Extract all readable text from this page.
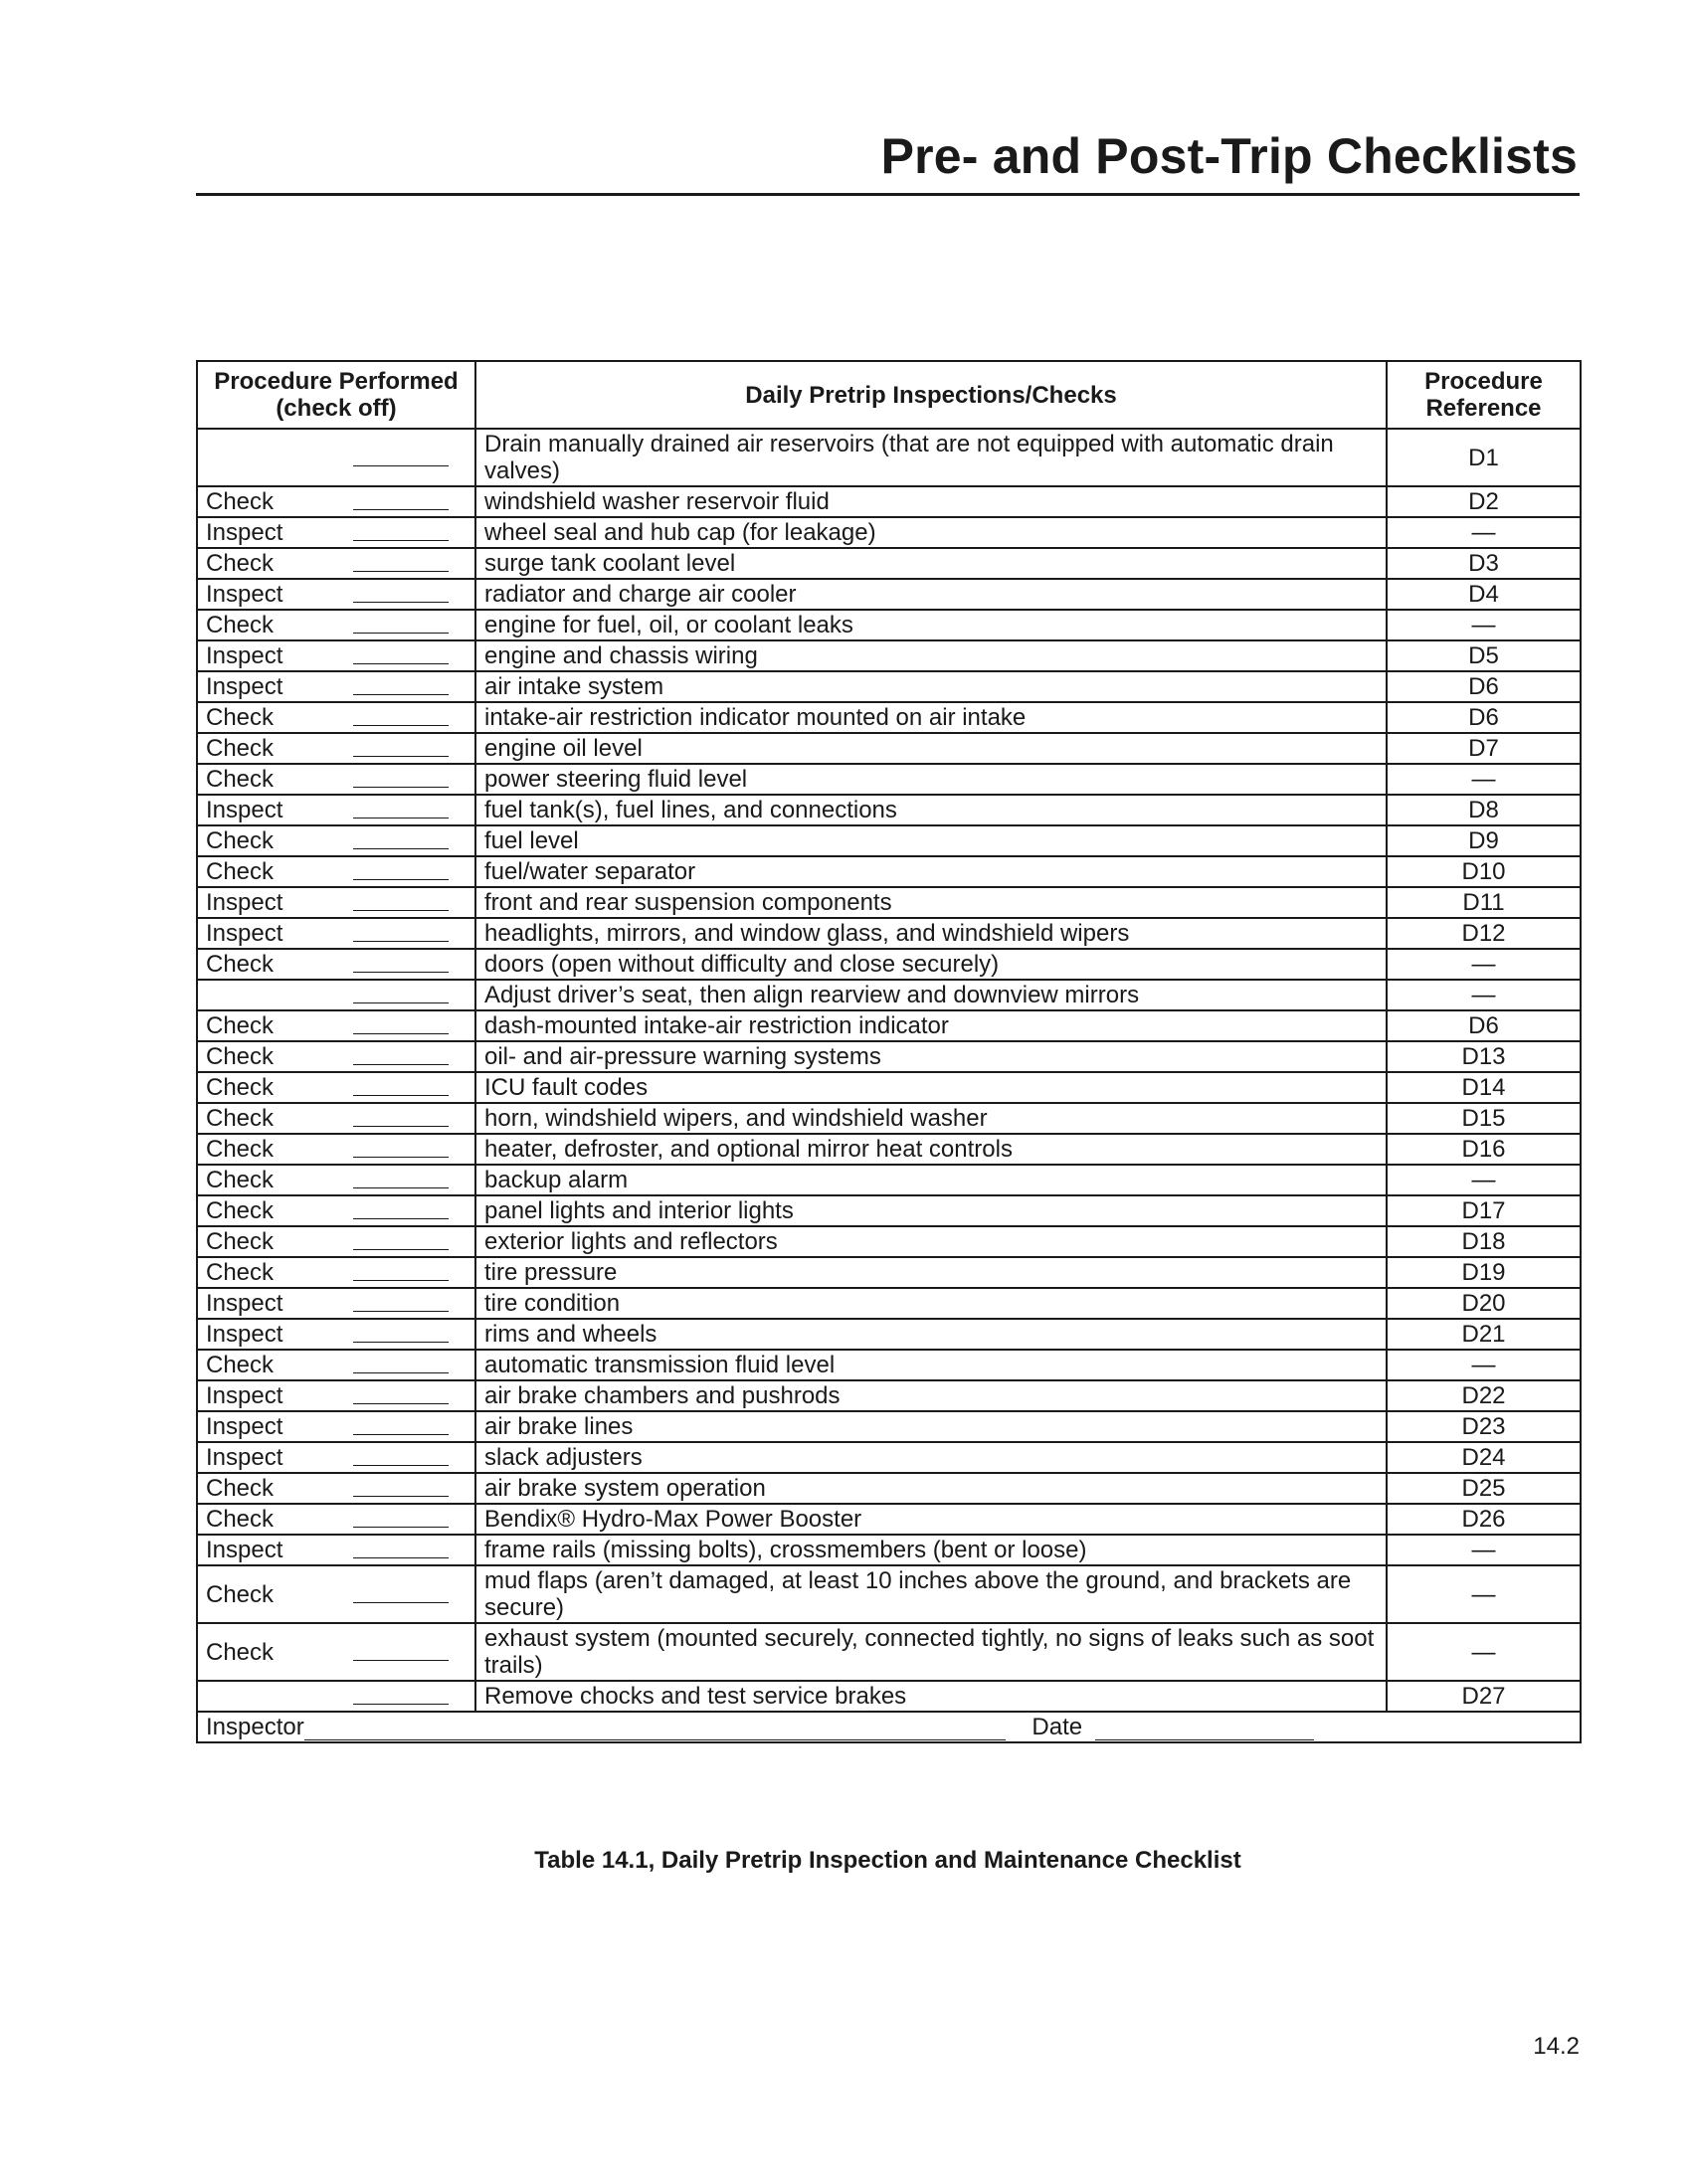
Pre- and Post-Trip Checklists
Procedure Performed (check off)	Daily Pretrip Inspections/Checks	Procedure Reference
	Drain manually drained air reservoirs (that are not equipped with automatic drain valves)	D1
Check	windshield washer reservoir fluid	D2
Inspect	wheel seal and hub cap (for leakage)	—
Check	surge tank coolant level	D3
Inspect	radiator and charge air cooler	D4
Check	engine for fuel, oil, or coolant leaks	—
Inspect	engine and chassis wiring	D5
Inspect	air intake system	D6
Check	intake-air restriction indicator mounted on air intake	D6
Check	engine oil level	D7
Check	power steering fluid level	—
Inspect	fuel tank(s), fuel lines, and connections	D8
Check	fuel level	D9
Check	fuel/water separator	D10
Inspect	front and rear suspension components	D11
Inspect	headlights, mirrors, and window glass, and windshield wipers	D12
Check	doors (open without difficulty and close securely)	—
	Adjust driver’s seat, then align rearview and downview mirrors	—
Check	dash-mounted intake-air restriction indicator	D6
Check	oil- and air-pressure warning systems	D13
Check	ICU fault codes	D14
Check	horn, windshield wipers, and windshield washer	D15
Check	heater, defroster, and optional mirror heat controls	D16
Check	backup alarm	—
Check	panel lights and interior lights	D17
Check	exterior lights and reflectors	D18
Check	tire pressure	D19
Inspect	tire condition	D20
Inspect	rims and wheels	D21
Check	automatic transmission fluid level	—
Inspect	air brake chambers and pushrods	D22
Inspect	air brake lines	D23
Inspect	slack adjusters	D24
Check	air brake system operation	D25
Check	Bendix® Hydro-Max Power Booster	D26
Inspect	frame rails (missing bolts), crossmembers (bent or loose)	—
Check	mud flaps (aren’t damaged, at least 10 inches above the ground, and brackets are secure)	—
Check	exhaust system (mounted securely, connected tightly, no signs of leaks such as soot trails)	—
	Remove chocks and test service brakes	D27
Inspector Date		
Table 14.1, Daily Pretrip Inspection and Maintenance Checklist
14.2
